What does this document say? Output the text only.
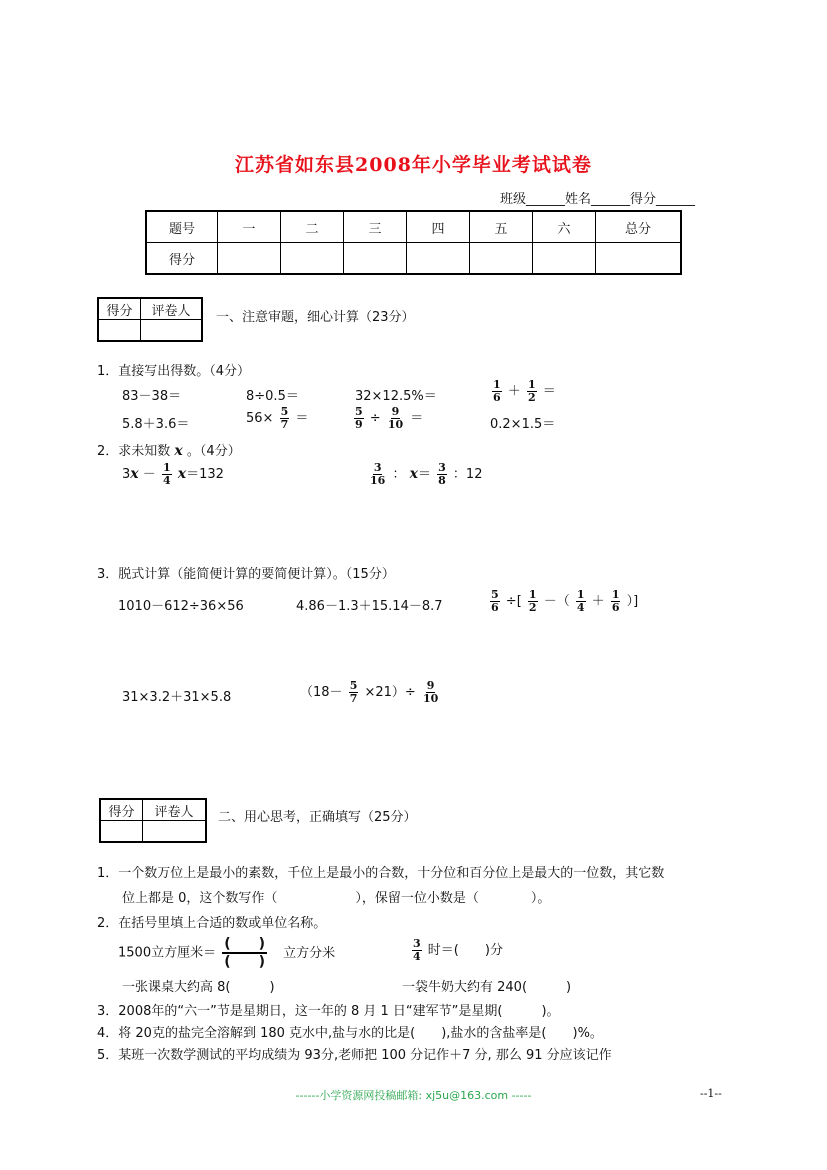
江苏省如东县2008年小学毕业考试试卷
班级______姓名______得分______
题号	一	二	三	四	五	六	总分
得分							
得分	评卷人
	一、注意审题，细心计算（23分）
1．直接写出得数。（4分）
83－38＝	8÷0.5＝	32×12.5%＝	$\frac{1}{6} + \frac{1}{2}$ ＝
5.8＋3.6＝	$56\times \frac{5}{7}$ ＝	$\frac{5}{9} \div \frac{9}{10}$ ＝	0.2×1.5＝
2．求未知数 x 。（4分）
$3x - \frac{1}{4} x=132$	$\frac{3}{16}$ ： $x= \frac{3}{8}$ ：12
3．脱式计算（能简便计算的要简便计算）。（15分）
1010－612÷36×56	4.86－1.3＋15.14－8.7	$\frac{5}{6}$ ÷[ $\frac{1}{2}$ －（ $\frac{1}{4} + \frac{1}{6}$ ）]
31×3.2＋31×5.8	$(18- \frac{5}{7} \times 21)\div \frac{9}{10}$
得分	评卷人
	二、用心思考，正确填写（25分）
1．一个数万位上是最小的素数，千位上是最小的合数，十分位和百分位上是最大的一位数，其它数
位上都是 0，这个数写作（　　　　　　），保留一位小数是（　　　　）。
2．在括号里填上合适的数或单位名称。
1500立方厘米＝
(　　)
(　　)
立方分米	$\frac{3}{4}$ 时＝(　　)分
一张课桌大约高 8(　　　)	一袋牛奶大约有 240(　　　)
3．2008年的“六一”节是星期日，这一年的 8 月 1 日“建军节”是星期(　　　)。
4．将 20克的盐完全溶解到 180 克水中,盐与水的比是(　　),盐水的含盐率是(　　)%。
5．某班一次数学测试的平均成绩为 93分,老师把 100 分记作＋7 分, 那么 91 分应该记作
------小学资源网投稿邮箱: xj5u@163.com -----	--1--
